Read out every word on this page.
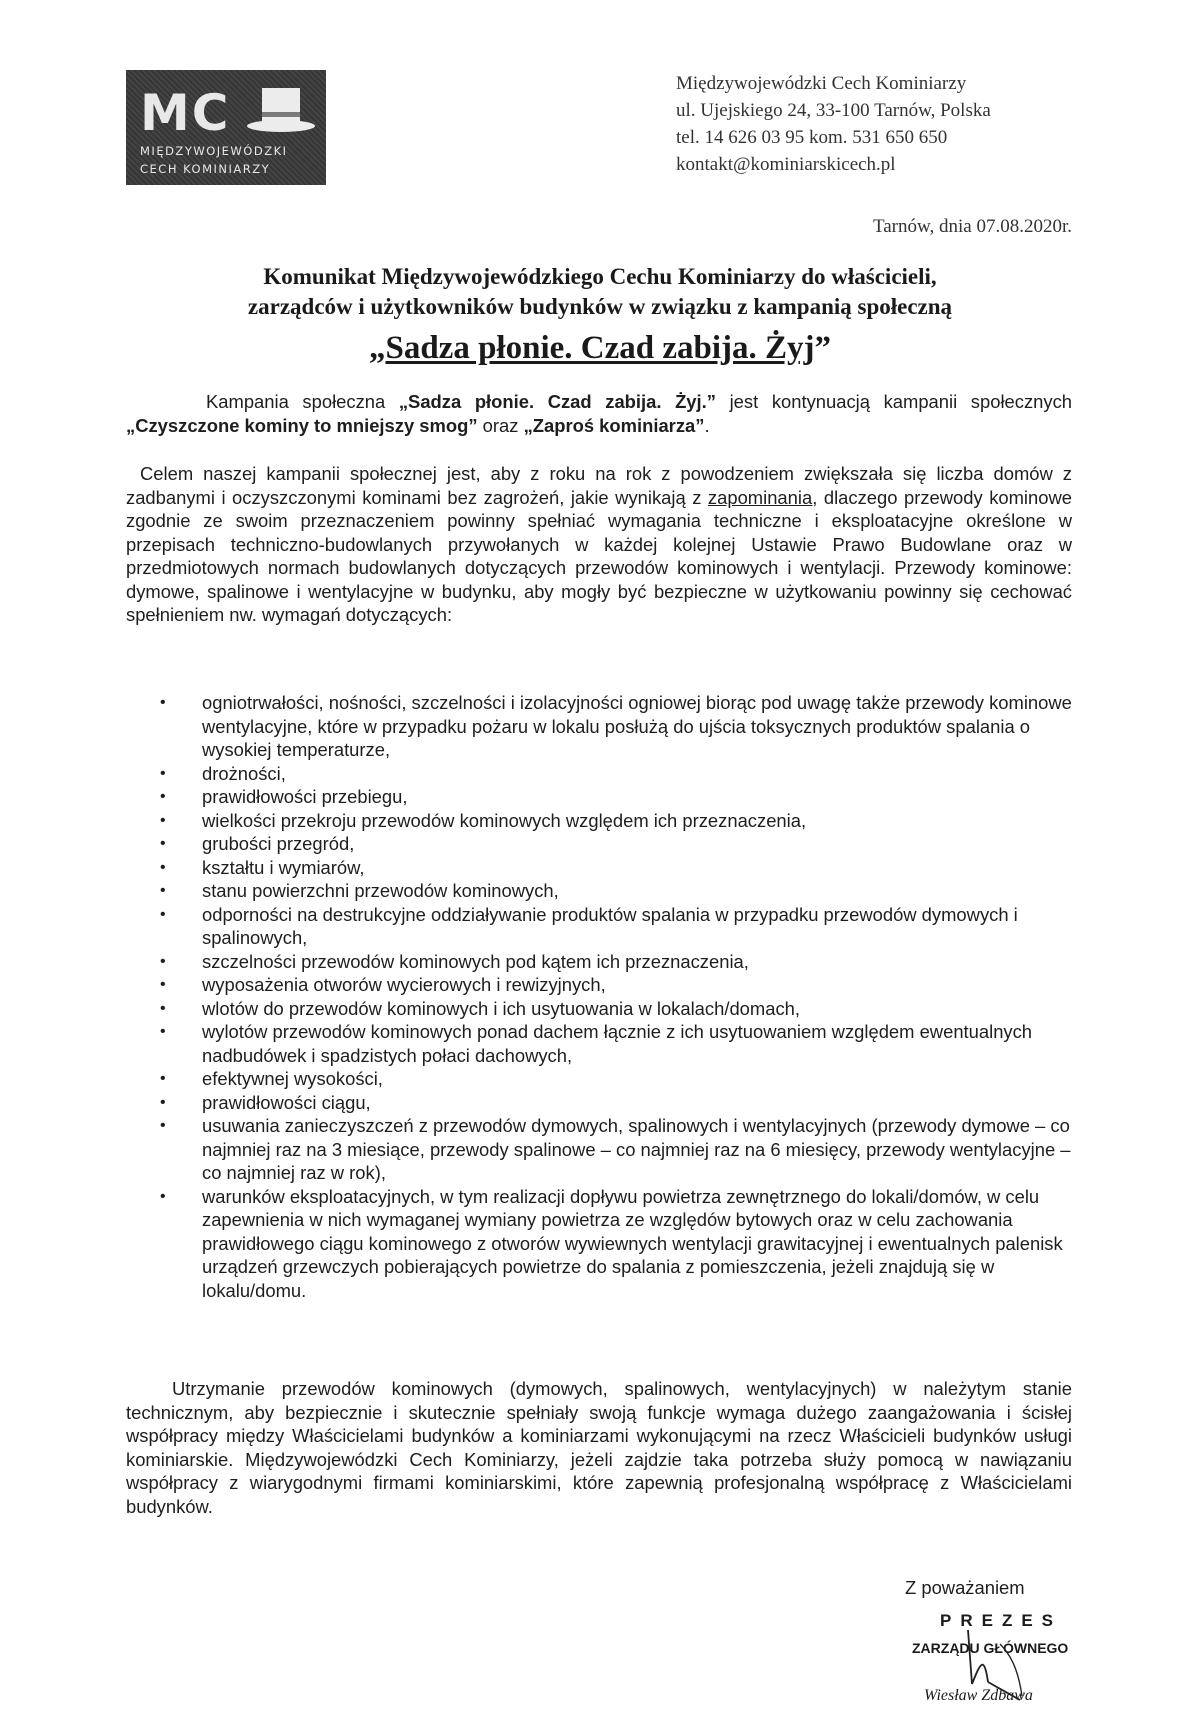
MC
MIĘDZYWOJEWÓDZKI
CECH KOMINIARZY
Międzywojewódzki Cech Kominiarzy
ul. Ujejskiego 24, 33-100 Tarnów, Polska
tel. 14 626 03 95 kom. 531 650 650
kontakt@kominiarskicech.pl
Tarnów, dnia 07.08.2020r.
Komunikat Międzywojewódzkiego Cechu Kominiarzy do właścicieli,
zarządców i użytkowników budynków w związku z kampanią społeczną
„Sadza płonie. Czad zabija. Żyj”
Kampania społeczna „Sadza płonie. Czad zabija. Żyj.” jest kontynuacją kampanii społecznych „Czyszczone kominy to mniejszy smog” oraz „Zaproś kominiarza”.
Celem naszej kampanii społecznej jest, aby z roku na rok z powodzeniem zwiększała się liczba domów z zadbanymi i oczyszczonymi kominami bez zagrożeń, jakie wynikają z zapominania, dlaczego przewody kominowe zgodnie ze swoim przeznaczeniem powinny spełniać wymagania techniczne i eksploatacyjne określone w przepisach techniczno-budowlanych przywołanych w każdej kolejnej Ustawie Prawo Budowlane oraz w przedmiotowych normach budowlanych dotyczących przewodów kominowych i wentylacji. Przewody kominowe: dymowe, spalinowe i wentylacyjne w budynku, aby mogły być bezpieczne w użytkowaniu powinny się cechować spełnieniem nw. wymagań dotyczących:
• ogniotrwałości, nośności, szczelności i izolacyjności ogniowej biorąc pod uwagę także przewody kominowe wentylacyjne, które w przypadku pożaru w lokalu posłużą do ujścia toksycznych produktów spalania o wysokiej temperaturze,
• drożności,
• prawidłowości przebiegu,
• wielkości przekroju przewodów kominowych względem ich przeznaczenia,
• grubości przegród,
• kształtu i wymiarów,
• stanu powierzchni przewodów kominowych,
• odporności na destrukcyjne oddziaływanie produktów spalania w przypadku przewodów dymowych i spalinowych,
• szczelności przewodów kominowych pod kątem ich przeznaczenia,
• wyposażenia otworów wycierowych i rewizyjnych,
• wlotów do przewodów kominowych i ich usytuowania w lokalach/domach,
• wylotów przewodów kominowych ponad dachem łącznie z ich usytuowaniem względem ewentualnych nadbudówek i spadzistych połaci dachowych,
• efektywnej wysokości,
• prawidłowości ciągu,
• usuwania zanieczyszczeń z przewodów dymowych, spalinowych i wentylacyjnych (przewody dymowe – co najmniej raz na 3 miesiące, przewody spalinowe – co najmniej raz na 6 miesięcy, przewody wentylacyjne – co najmniej raz w rok),
• warunków eksploatacyjnych, w tym realizacji dopływu powietrza zewnętrznego do lokali/domów, w celu zapewnienia w nich wymaganej wymiany powietrza ze względów bytowych oraz w celu zachowania prawidłowego ciągu kominowego z otworów wywiewnych wentylacji grawitacyjnej i ewentualnych palenisk urządzeń grzewczych pobierających powietrze do spalania z pomieszczenia, jeżeli znajdują się w lokalu/domu.
Utrzymanie przewodów kominowych (dymowych, spalinowych, wentylacyjnych) w należytym stanie technicznym, aby bezpiecznie i skutecznie spełniały swoją funkcje wymaga dużego zaangażowania i ścisłej współpracy między Właścicielami budynków a kominiarzami wykonującymi na rzecz Właścicieli budynków usługi kominiarskie. Międzywojewódzki Cech Kominiarzy, jeżeli zajdzie taka potrzeba służy pomocą w nawiązaniu współpracy z wiarygodnymi firmami kominiarskimi, które zapewnią profesjonalną współpracę z Właścicielami budynków.
Z poważaniem
PREZES
ZARZĄDU GŁÓWNEGO
Wiesław Zdbawa
